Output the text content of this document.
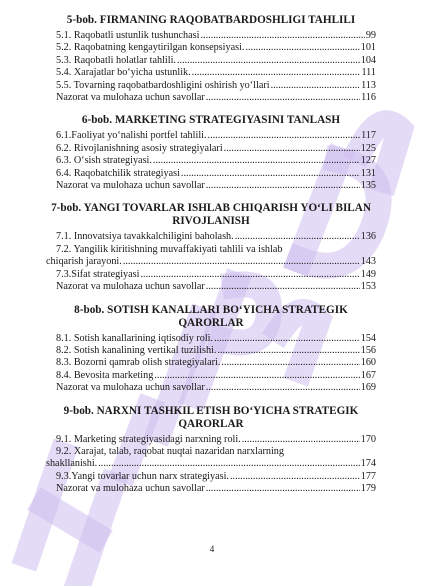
5-bob. FIRMANING RAQOBATBARDOSHLIGI TAHLILI
5.1. Raqobatli ustunlik tushunchasi .....	99
5.2. Raqobatning kengaytirilgan konsepsiyasi. .....	101
5.3. Raqobatli holatlar tahlili. .....	104
5.4. Xarajatlar bo‘yicha ustunlik. .....	111
5.5. Tovarning raqobatbardoshligini oshirish yo‘llari .....	113
Nazorat va mulohaza uchun savollar .....	116
6-bob. MARKETING STRATEGIYASINI TANLASH
6.1.Faoliyat yo‘nalishi portfel tahlili. .....	117
6.2. Rivojlanishning asosiy strategiyalari .....	125
6.3. O‘sish strategiyasi. .....	127
6.4. Raqobatchilik strategiyasi .....	131
Nazorat va mulohaza uchun savollar .....	135
7-bob. YANGI TOVARLAR ISHLAB CHIQARISH YO‘LI BILAN RIVOJLANISH
7.1. Innovatsiya tavakkalchiligini baholash. .....	136
7.2. Yangilik kiritishning muvaffakiyati tahlili va ishlab
chiqarish jarayoni. .....	143
7.3.Sifat strategiyasi .....	149
Nazorat va mulohaza uchun savollar .....	153
8-bob. SOTISH KANALLARI BO‘YICHA STRATEGIK QARORLAR
8.1. Sotish kanallarining iqtisodiy roli. .....	154
8.2. Sotish kanalining vertikal tuzilishi. .....	156
8.3. Bozorni qamrab olish strategiyalari. .....	160
8.4. Bevosita marketing .....	167
Nazorat va mulohaza uchun savollar .....	169
9-bob. NARXNI TASHKIL ETISH BO‘YICHA STRATEGIK QARORLAR
9.1. Marketing strategiyasidagi narxning roli. .....	170
9.2. Xarajat, talab, raqobat nuqtai nazaridan narxlarning
shakllanishi. .....	174
9.3.Yangi tovarlar uchun narx strategiyasi. .....	177
Nazorat va mulohaza uchun savollar .....	179
4
